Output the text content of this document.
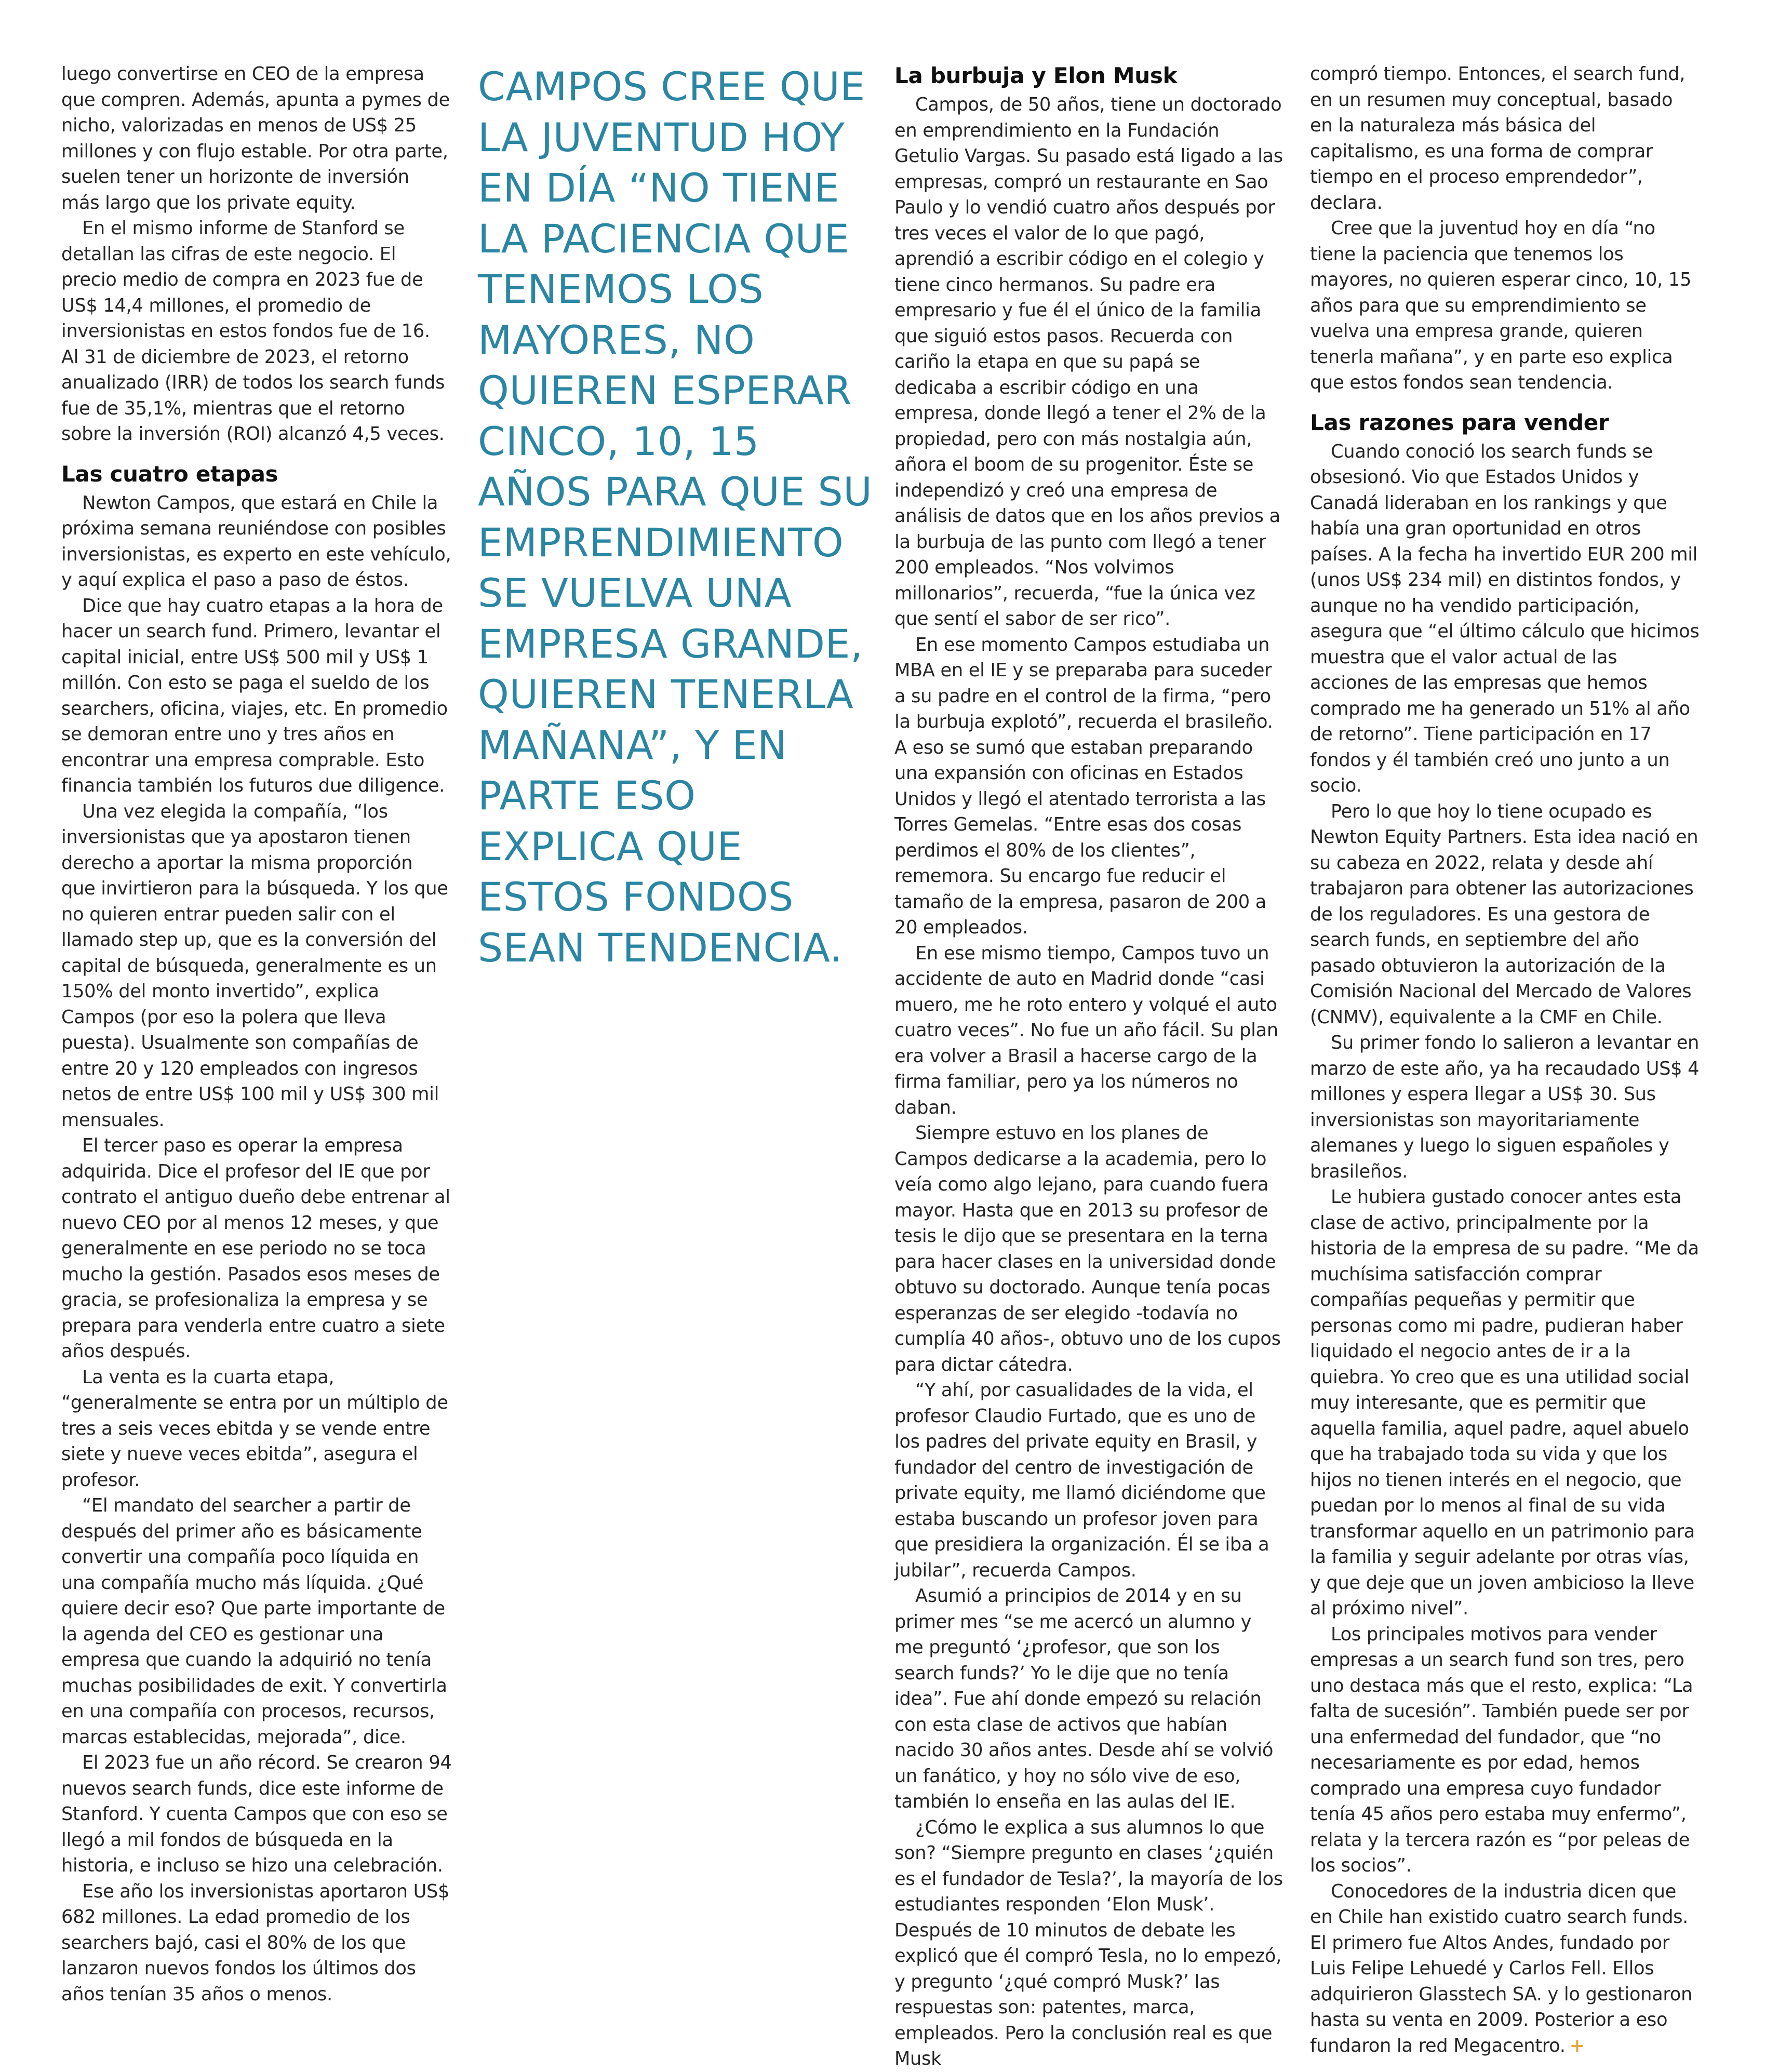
luego convertirse en CEO de la empresa que compren. Además, apunta a pymes de nicho, valorizadas en menos de US$ 25 millones y con flujo estable. Por otra parte, suelen tener un horizonte de inversión más largo que los private equity.

En el mismo informe de Stanford se detallan las cifras de este negocio. El precio medio de compra en 2023 fue de US$ 14,4 millones, el promedio de inversionistas en estos fondos fue de 16. Al 31 de diciembre de 2023, el retorno anualizado (IRR) de todos los search funds fue de 35,1%, mientras que el retorno sobre la inversión (ROI) alcanzó 4,5 veces.

Las cuatro etapas

Newton Campos, que estará en Chile la próxima semana reuniéndose con posibles inversionistas, es experto en este vehículo, y aquí explica el paso a paso de éstos.

Dice que hay cuatro etapas a la hora de hacer un search fund. Primero, levantar el capital inicial, entre US$ 500 mil y US$ 1 millón. Con esto se paga el sueldo de los searchers, oficina, viajes, etc. En promedio se demoran entre uno y tres años en encontrar una empresa comprable. Esto financia también los futuros due diligence.

Una vez elegida la compañía, “los inversionistas que ya apostaron tienen derecho a aportar la misma proporción que invirtieron para la búsqueda. Y los que no quieren entrar pueden salir con el llamado step up, que es la conversión del capital de búsqueda, generalmente es un 150% del monto invertido”, explica Campos (por eso la polera que lleva puesta). Usualmente son compañías de entre 20 y 120 empleados con ingresos netos de entre US$ 100 mil y US$ 300 mil mensuales.

El tercer paso es operar la empresa adquirida. Dice el profesor del IE que por contrato el antiguo dueño debe entrenar al nuevo CEO por al menos 12 meses, y que generalmente en ese periodo no se toca mucho la gestión. Pasados esos meses de gracia, se profesionaliza la empresa y se prepara para venderla entre cuatro a siete años después.

La venta es la cuarta etapa, “generalmente se entra por un múltiplo de tres a seis veces ebitda y se vende entre siete y nueve veces ebitda”, asegura el profesor.

“El mandato del searcher a partir de después del primer año es básicamente convertir una compañía poco líquida en una compañía mucho más líquida. ¿Qué quiere decir eso? Que parte importante de la agenda del CEO es gestionar una empresa que cuando la adquirió no tenía muchas posibilidades de exit. Y convertirla en una compañía con procesos, recursos, marcas establecidas, mejorada”, dice.

El 2023 fue un año récord. Se crearon 94 nuevos search funds, dice este informe de Stanford. Y cuenta Campos que con eso se llegó a mil fondos de búsqueda en la historia, e incluso se hizo una celebración.

Ese año los inversionistas aportaron US$ 682 millones. La edad promedio de los searchers bajó, casi el 80% de los que lanzaron nuevos fondos los últimos dos años tenían 35 años o menos.

CAMPOS CREE QUE LA JUVENTUD HOY EN DÍA “NO TIENE LA PACIENCIA QUE TENEMOS LOS MAYORES, NO QUIEREN ESPERAR CINCO, 10, 15 AÑOS PARA QUE SU EMPRENDIMIENTO SE VUELVA UNA EMPRESA GRANDE, QUIEREN TENERLA MAÑANA”, Y EN PARTE ESO EXPLICA QUE ESTOS FONDOS SEAN TENDENCIA.

La burbuja y Elon Musk

Campos, de 50 años, tiene un doctorado en emprendimiento en la Fundación Getulio Vargas. Su pasado está ligado a las empresas, compró un restaurante en Sao Paulo y lo vendió cuatro años después por tres veces el valor de lo que pagó, aprendió a escribir código en el colegio y tiene cinco hermanos. Su padre era empresario y fue él el único de la familia que siguió estos pasos. Recuerda con cariño la etapa en que su papá se dedicaba a escribir código en una empresa, donde llegó a tener el 2% de la propiedad, pero con más nostalgia aún, añora el boom de su progenitor. Éste se independizó y creó una empresa de análisis de datos que en los años previos a la burbuja de las punto com llegó a tener 200 empleados. “Nos volvimos millonarios”, recuerda, “fue la única vez que sentí el sabor de ser rico”.

En ese momento Campos estudiaba un MBA en el IE y se preparaba para suceder a su padre en el control de la firma, “pero la burbuja explotó”, recuerda el brasileño. A eso se sumó que estaban preparando una expansión con oficinas en Estados Unidos y llegó el atentado terrorista a las Torres Gemelas. “Entre esas dos cosas perdimos el 80% de los clientes”, rememora. Su encargo fue reducir el tamaño de la empresa, pasaron de 200 a 20 empleados.

En ese mismo tiempo, Campos tuvo un accidente de auto en Madrid donde “casi muero, me he roto entero y volqué el auto cuatro veces”. No fue un año fácil. Su plan era volver a Brasil a hacerse cargo de la firma familiar, pero ya los números no daban.

Siempre estuvo en los planes de Campos dedicarse a la academia, pero lo veía como algo lejano, para cuando fuera mayor. Hasta que en 2013 su profesor de tesis le dijo que se presentara en la terna para hacer clases en la universidad donde obtuvo su doctorado. Aunque tenía pocas esperanzas de ser elegido -todavía no cumplía 40 años-, obtuvo uno de los cupos para dictar cátedra.

“Y ahí, por casualidades de la vida, el profesor Claudio Furtado, que es uno de los padres del private equity en Brasil, y fundador del centro de investigación de private equity, me llamó diciéndome que estaba buscando un profesor joven para que presidiera la organización. Él se iba a jubilar”, recuerda Campos.

Asumió a principios de 2014 y en su primer mes “se me acercó un alumno y me preguntó ‘¿profesor, que son los search funds?’ Yo le dije que no tenía idea”. Fue ahí donde empezó su relación con esta clase de activos que habían nacido 30 años antes. Desde ahí se volvió un fanático, y hoy no sólo vive de eso, también lo enseña en las aulas del IE.

¿Cómo le explica a sus alumnos lo que son? “Siempre pregunto en clases ‘¿quién es el fundador de Tesla?’, la mayoría de los estudiantes responden ‘Elon Musk’. Después de 10 minutos de debate les explicó que él compró Tesla, no lo empezó, y pregunto ‘¿qué compró Musk?’ las respuestas son: patentes, marca, empleados. Pero la conclusión real es que Musk

compró tiempo. Entonces, el search fund, en un resumen muy conceptual, basado en la naturaleza más básica del capitalismo, es una forma de comprar tiempo en el proceso emprendedor”, declara.

Cree que la juventud hoy en día “no tiene la paciencia que tenemos los mayores, no quieren esperar cinco, 10, 15 años para que su emprendimiento se vuelva una empresa grande, quieren tenerla mañana”, y en parte eso explica que estos fondos sean tendencia.

Las razones para vender

Cuando conoció los search funds se obsesionó. Vio que Estados Unidos y Canadá lideraban en los rankings y que había una gran oportunidad en otros países. A la fecha ha invertido EUR 200 mil (unos US$ 234 mil) en distintos fondos, y aunque no ha vendido participación, asegura que “el último cálculo que hicimos muestra que el valor actual de las acciones de las empresas que hemos comprado me ha generado un 51% al año de retorno”. Tiene participación en 17 fondos y él también creó uno junto a un socio.

Pero lo que hoy lo tiene ocupado es Newton Equity Partners. Esta idea nació en su cabeza en 2022, relata y desde ahí trabajaron para obtener las autorizaciones de los reguladores. Es una gestora de search funds, en septiembre del año pasado obtuvieron la autorización de la Comisión Nacional del Mercado de Valores (CNMV), equivalente a la CMF en Chile.

Su primer fondo lo salieron a levantar en marzo de este año, ya ha recaudado US$ 4 millones y espera llegar a US$ 30. Sus inversionistas son mayoritariamente alemanes y luego lo siguen españoles y brasileños.

Le hubiera gustado conocer antes esta clase de activo, principalmente por la historia de la empresa de su padre. “Me da muchísima satisfacción comprar compañías pequeñas y permitir que personas como mi padre, pudieran haber liquidado el negocio antes de ir a la quiebra. Yo creo que es una utilidad social muy interesante, que es permitir que aquella familia, aquel padre, aquel abuelo que ha trabajado toda su vida y que los hijos no tienen interés en el negocio, que puedan por lo menos al final de su vida transformar aquello en un patrimonio para la familia y seguir adelante por otras vías, y que deje que un joven ambicioso la lleve al próximo nivel”.

Los principales motivos para vender empresas a un search fund son tres, pero uno destaca más que el resto, explica: “La falta de sucesión”. También puede ser por una enfermedad del fundador, que “no necesariamente es por edad, hemos comprado una empresa cuyo fundador tenía 45 años pero estaba muy enfermo”, relata y la tercera razón es “por peleas de los socios”.

Conocedores de la industria dicen que en Chile han existido cuatro search funds. El primero fue Altos Andes, fundado por Luis Felipe Lehuedé y Carlos Fell. Ellos adquirieron Glasstech SA. y lo gestionaron hasta su venta en 2009. Posterior a eso fundaron la red Megacentro. +
